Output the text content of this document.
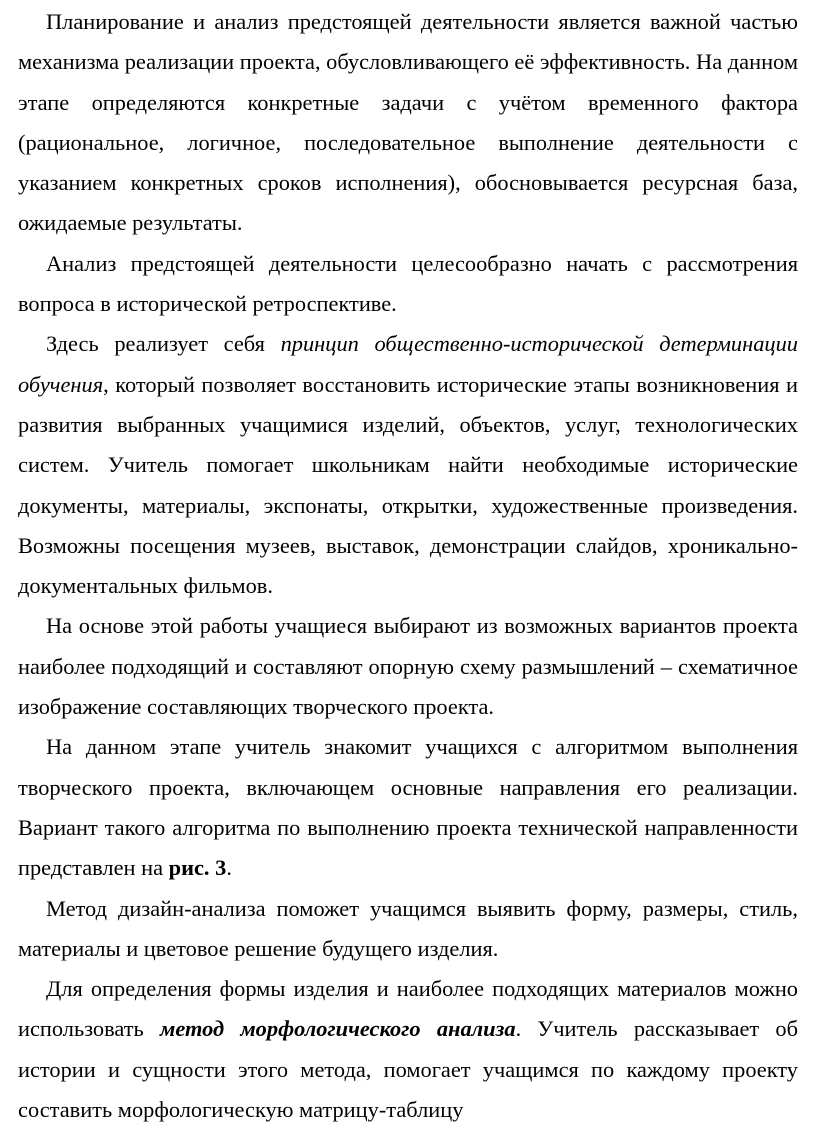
Планирование и анализ предстоящей деятельности является важной частью механизма реализации проекта, обусловливающего её эффективность. На данном этапе определяются конкретные задачи с учётом временного фактора (рациональное, логичное, последовательное выполнение деятельности с указанием конкретных сроков исполнения), обосновывается ресурсная база, ожидаемые результаты.

Анализ предстоящей деятельности целесообразно начать с рассмотрения вопроса в исторической ретроспективе.

Здесь реализует себя принцип общественно-исторической детерминации обучения, который позволяет восстановить исторические этапы возникновения и развития выбранных учащимися изделий, объектов, услуг, технологических систем. Учитель помогает школьникам найти необходимые исторические документы, материалы, экспонаты, открытки, художественные произведения. Возможны посещения музеев, выставок, демонстрации слайдов, хроникально-документальных фильмов.

На основе этой работы учащиеся выбирают из возможных вариантов проекта наиболее подходящий и составляют опорную схему размышлений – схематичное изображение составляющих творческого проекта.

На данном этапе учитель знакомит учащихся с алгоритмом выполнения творческого проекта, включающем основные направления его реализации. Вариант такого алгоритма по выполнению проекта технической направленности представлен на рис. 3.

Метод дизайн-анализа поможет учащимся выявить форму, размеры, стиль, материалы и цветовое решение будущего изделия.

Для определения формы изделия и наиболее подходящих материалов можно использовать метод морфологического анализа. Учитель рассказывает об истории и сущности этого метода, помогает учащимся по каждому проекту составить морфологическую матрицу-таблицу
